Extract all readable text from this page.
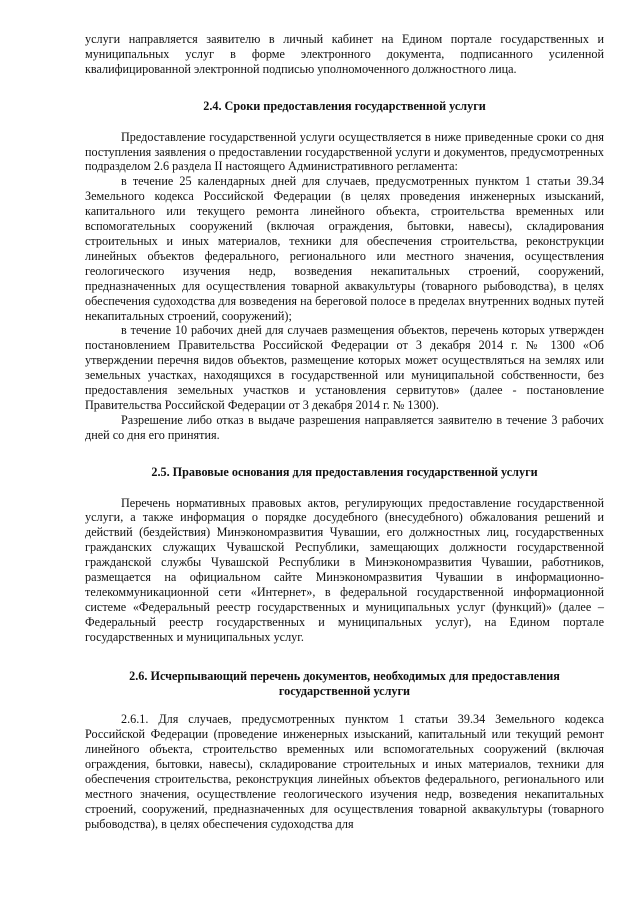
услуги направляется заявителю в личный кабинет на Едином портале государственных и муниципальных услуг в форме электронного документа, подписанного усиленной квалифицированной электронной подписью уполномоченного должностного лица.

2.4. Сроки предоставления государственной услуги

Предоставление государственной услуги осуществляется в ниже приведенные сроки со дня поступления заявления о предоставлении государственной услуги и документов, предусмотренных подразделом 2.6 раздела II настоящего Административного регламента:

в течение 25 календарных дней для случаев, предусмотренных пунктом 1 статьи 39.34 Земельного кодекса Российской Федерации (в целях проведения инженерных изысканий, капитального или текущего ремонта линейного объекта, строительства временных или вспомогательных сооружений (включая ограждения, бытовки, навесы), складирования строительных и иных материалов, техники для обеспечения строительства, реконструкции линейных объектов федерального, регионального или местного значения, осуществления геологического изучения недр, возведения некапитальных строений, сооружений, предназначенных для осуществления товарной аквакультуры (товарного рыбоводства), в целях обеспечения судоходства для возведения на береговой полосе в пределах внутренних водных путей некапитальных строений, сооружений);

в течение 10 рабочих дней для случаев размещения объектов, перечень которых утвержден постановлением Правительства Российской Федерации от 3 декабря 2014 г. № 1300 «Об утверждении перечня видов объектов, размещение которых может осуществляться на землях или земельных участках, находящихся в государственной или муниципальной собственности, без предоставления земельных участков и установления сервитутов» (далее - постановление Правительства Российской Федерации от 3 декабря 2014 г. № 1300).

Разрешение либо отказ в выдаче разрешения направляется заявителю в течение 3 рабочих дней со дня его принятия.

2.5. Правовые основания для предоставления государственной услуги

Перечень нормативных правовых актов, регулирующих предоставление государственной услуги, а также информация о порядке досудебного (внесудебного) обжалования решений и действий (бездействия) Минэкономразвития Чувашии, его должностных лиц, государственных гражданских служащих Чувашской Республики, замещающих должности государственной гражданской службы Чувашской Республики в Минэкономразвития Чувашии, работников, размещается на официальном сайте Минэкономразвития Чувашии в информационно-телекоммуникационной сети «Интернет», в федеральной государственной информационной системе «Федеральный реестр государственных и муниципальных услуг (функций)» (далее – Федеральный реестр государственных и муниципальных услуг), на Едином портале государственных и муниципальных услуг.

2.6. Исчерпывающий перечень документов, необходимых для предоставления государственной услуги

2.6.1. Для случаев, предусмотренных пунктом 1 статьи 39.34 Земельного кодекса Российской Федерации (проведение инженерных изысканий, капитальный или текущий ремонт линейного объекта, строительство временных или вспомогательных сооружений (включая ограждения, бытовки, навесы), складирование строительных и иных материалов, техники для обеспечения строительства, реконструкция линейных объектов федерального, регионального или местного значения, осуществление геологического изучения недр, возведения некапитальных строений, сооружений, предназначенных для осуществления товарной аквакультуры (товарного рыбоводства), в целях обеспечения судоходства для
